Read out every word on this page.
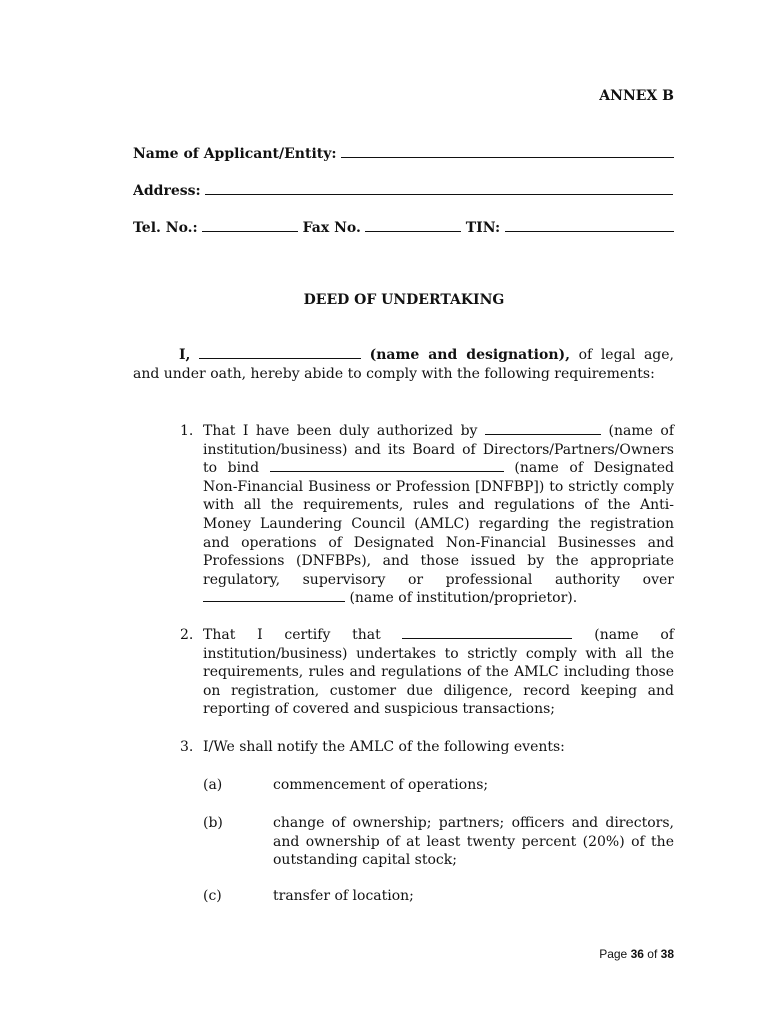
ANNEX B
Name of Applicant/Entity:
Address:
Tel. No.:	Fax No.	TIN:
DEED OF UNDERTAKING
I,	(name and designation), of legal age, and under oath, hereby abide to comply with the following requirements:
1. That I have been duly authorized by	(name of institution/business) and its Board of Directors/Partners/Owners to bind	(name of Designated Non-Financial Business or Profession [DNFBP]) to strictly comply with all the requirements, rules and regulations of the Anti-Money Laundering Council (AMLC) regarding the registration and operations of Designated Non-Financial Businesses and Professions (DNFBPs), and those issued by the appropriate regulatory, supervisory or professional authority over  (name of institution/proprietor).
2. That I certify that	(name of institution/business) undertakes to strictly comply with all the requirements, rules and regulations of the AMLC including those on registration, customer due diligence, record keeping and reporting of covered and suspicious transactions;
3. I/We shall notify the AMLC of the following events:
(a)	commencement of operations;
(b)	change of ownership; partners; officers and directors, and ownership of at least twenty percent (20%) of the outstanding capital stock;
(c)	transfer of location;
Page 36 of 38
